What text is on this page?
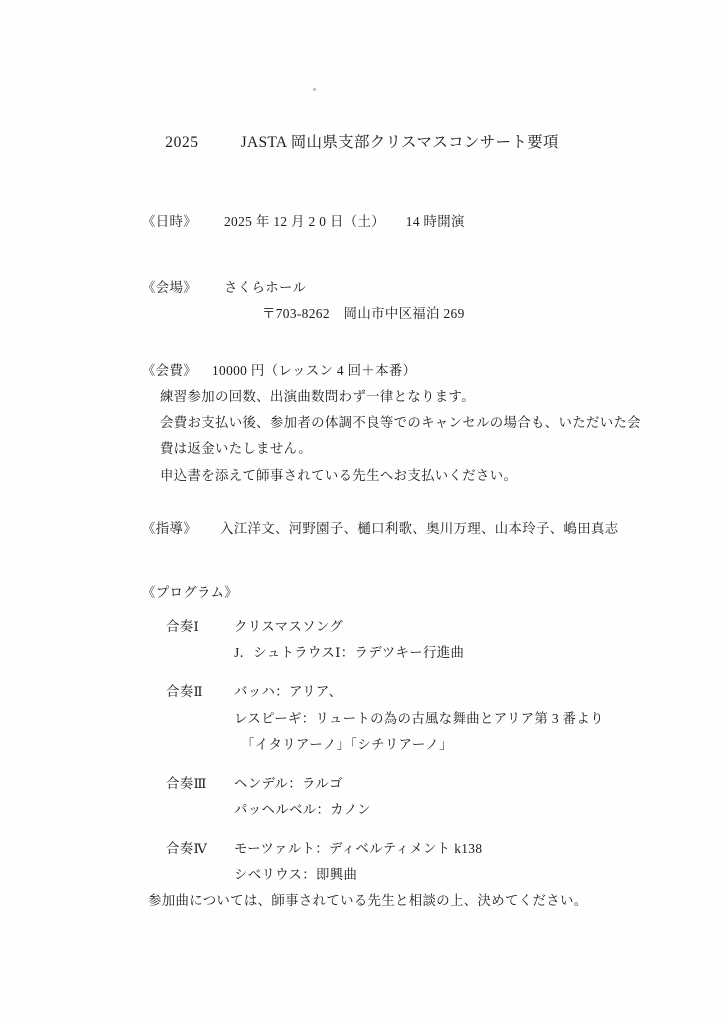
2025	JASTA 岡山県支部クリスマスコンサート要項
《日時》 2025 年 12 月 2 0 日（土）　　14 時開演
《会場》 さくらホール
〒703-8262　岡山市中区福泊 269
《会費》 10000 円（レッスン 4 回＋本番）
練習参加の回数、出演曲数問わず一律となります。
会費お支払い後、参加者の体調不良等でのキャンセルの場合も、いただいた会費は返金いたしません。
申込書を添えて師事されている先生へお支払いください。
《指導》 入江洋文、河野園子、樋口利歌、奥川万理、山本玲子、嶋田真志
《プログラム》
合奏Ⅰ	クリスマスソング
J．シュトラウスⅠ：ラデツキー行進曲
合奏Ⅱ バッハ：アリア、
レスピーギ：リュートの為の古風な舞曲とアリア第 3 番より
　「イタリアーノ」「シチリアーノ」
合奏Ⅲ ヘンデル：ラルゴ
パッヘルベル：カノン
合奏Ⅳ モーツァルト：ディベルティメント k138
シベリウス：即興曲
参加曲については、師事されている先生と相談の上、決めてください。
